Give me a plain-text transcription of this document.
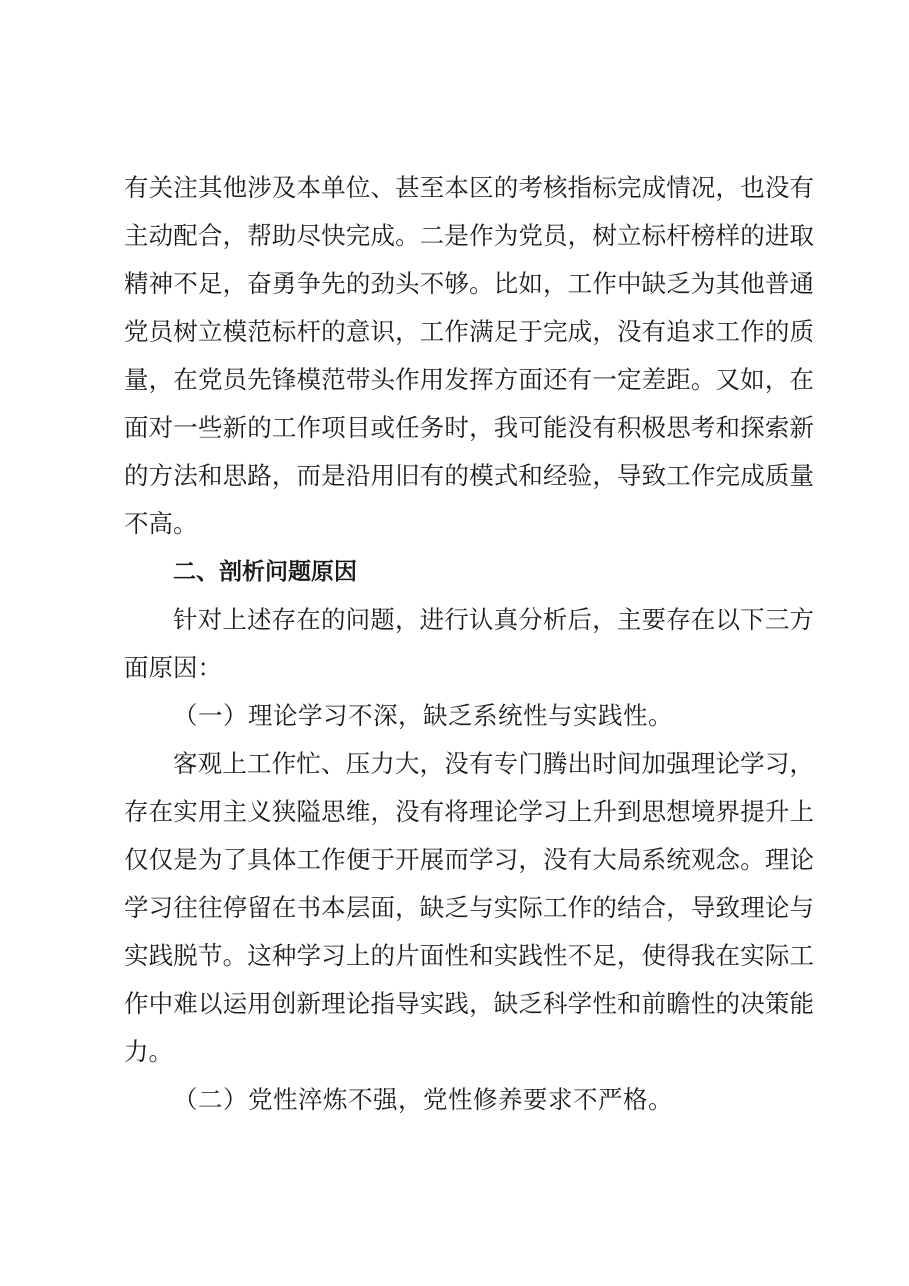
有关注其他涉及本单位、甚至本区的考核指标完成情况，也没有
主动配合，帮助尽快完成。二是作为党员，树立标杆榜样的进取
精神不足，奋勇争先的劲头不够。比如，工作中缺乏为其他普通
党员树立模范标杆的意识，工作满足于完成，没有追求工作的质
量，在党员先锋模范带头作用发挥方面还有一定差距。又如，在
面对一些新的工作项目或任务时，我可能没有积极思考和探索新
的方法和思路，而是沿用旧有的模式和经验，导致工作完成质量
不高。
二、剖析问题原因
针对上述存在的问题，进行认真分析后，主要存在以下三方
面原因：
（一）理论学习不深，缺乏系统性与实践性。
客观上工作忙、压力大，没有专门腾出时间加强理论学习，
存在实用主义狭隘思维，没有将理论学习上升到思想境界提升上
仅仅是为了具体工作便于开展而学习，没有大局系统观念。理论
学习往往停留在书本层面，缺乏与实际工作的结合，导致理论与
实践脱节。这种学习上的片面性和实践性不足，使得我在实际工
作中难以运用创新理论指导实践，缺乏科学性和前瞻性的决策能
力。
（二）党性淬炼不强，党性修养要求不严格。
